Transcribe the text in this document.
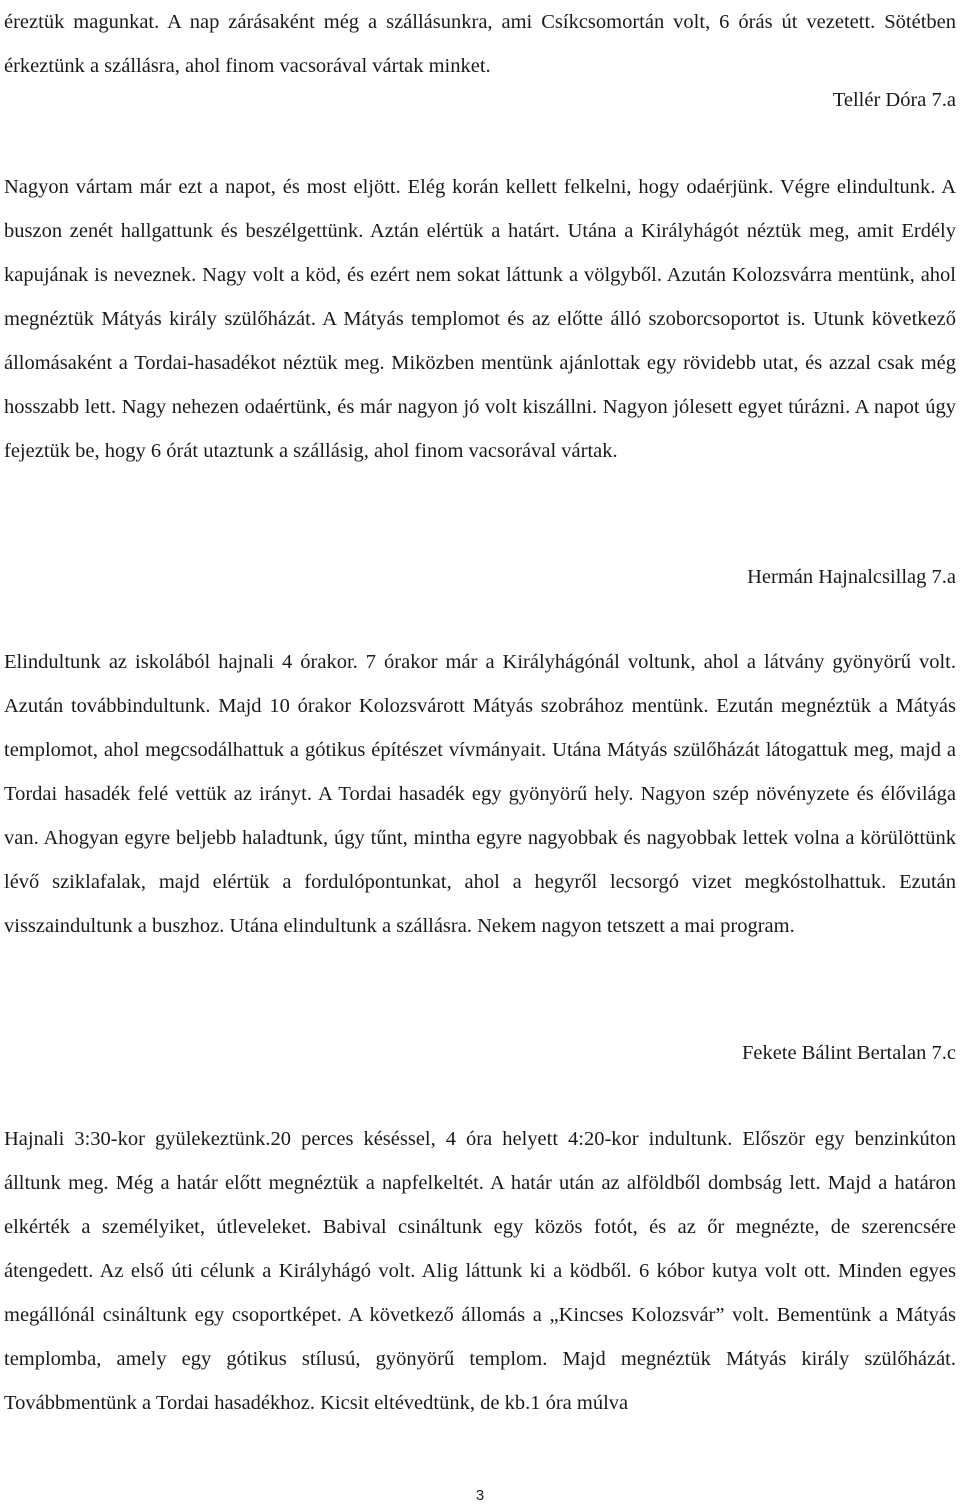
éreztük magunkat. A nap zárásaként még a szállásunkra, ami Csíkcsomortán volt, 6 órás út vezetett. Sötétben érkeztünk a szállásra, ahol finom vacsorával vártak minket.

Tellér Dóra 7.a

Nagyon vártam már ezt a napot, és most eljött. Elég korán kellett felkelni, hogy odaérjünk. Végre elindultunk. A buszon zenét hallgattunk és beszélgettünk. Aztán elértük a határt. Utána a Királyhágót néztük meg, amit Erdély kapujának is neveznek. Nagy volt a köd, és ezért nem sokat láttunk a völgyből. Azután Kolozsvárra mentünk, ahol megnéztük Mátyás király szülőházát. A Mátyás templomot és az előtte álló szoborcsoportot is. Utunk következő állomásaként a Tordai-hasadékot néztük meg. Miközben mentünk ajánlottak egy rövidebb utat, és azzal csak még hosszabb lett. Nagy nehezen odaértünk, és már nagyon jó volt kiszállni. Nagyon jólesett egyet túrázni. A napot úgy fejeztük be, hogy 6 órát utaztunk a szállásig, ahol finom vacsorával vártak.

Hermán Hajnalcsillag 7.a

Elindultunk az iskolából hajnali 4 órakor. 7 órakor már a Királyhágónál voltunk, ahol a látvány gyönyörű volt. Azután továbbindultunk. Majd 10 órakor Kolozsvárott Mátyás szobrához mentünk. Ezután megnéztük a Mátyás templomot, ahol megcsodálhattuk a gótikus építészet vívmányait. Utána Mátyás szülőházát látogattuk meg, majd a Tordai hasadék felé vettük az irányt. A Tordai hasadék egy gyönyörű hely. Nagyon szép növényzete és élővilága van. Ahogyan egyre beljebb haladtunk, úgy tűnt, mintha egyre nagyobbak és nagyobbak lettek volna a körülöttünk lévő sziklafalak, majd elértük a fordulópontunkat, ahol a hegyről lecsorgó vizet megkóstolhattuk. Ezután visszaindultunk a buszhoz. Utána elindultunk a szállásra. Nekem nagyon tetszett a mai program.

Fekete Bálint Bertalan 7.c

Hajnali 3:30-kor gyülekeztünk.20 perces késéssel, 4 óra helyett 4:20-kor indultunk. Először egy benzinkúton álltunk meg. Még a határ előtt megnéztük a napfelkeltét. A határ után az alföldből dombság lett. Majd a határon elkérték a személyiket, útleveleket. Babival csináltunk egy közös fotót, és az őr megnézte, de szerencsére átengedett. Az első úti célunk a Királyhágó volt. Alig láttunk ki a ködből. 6 kóbor kutya volt ott. Minden egyes megállónál csináltunk egy csoportképet. A következő állomás a „Kincses Kolozsvár” volt. Bementünk a Mátyás templomba, amely egy gótikus stílusú, gyönyörű templom. Majd megnéztük Mátyás király szülőházát. Továbbmentünk a Tordai hasadékhoz. Kicsit eltévedtünk, de kb.1 óra múlva

3
